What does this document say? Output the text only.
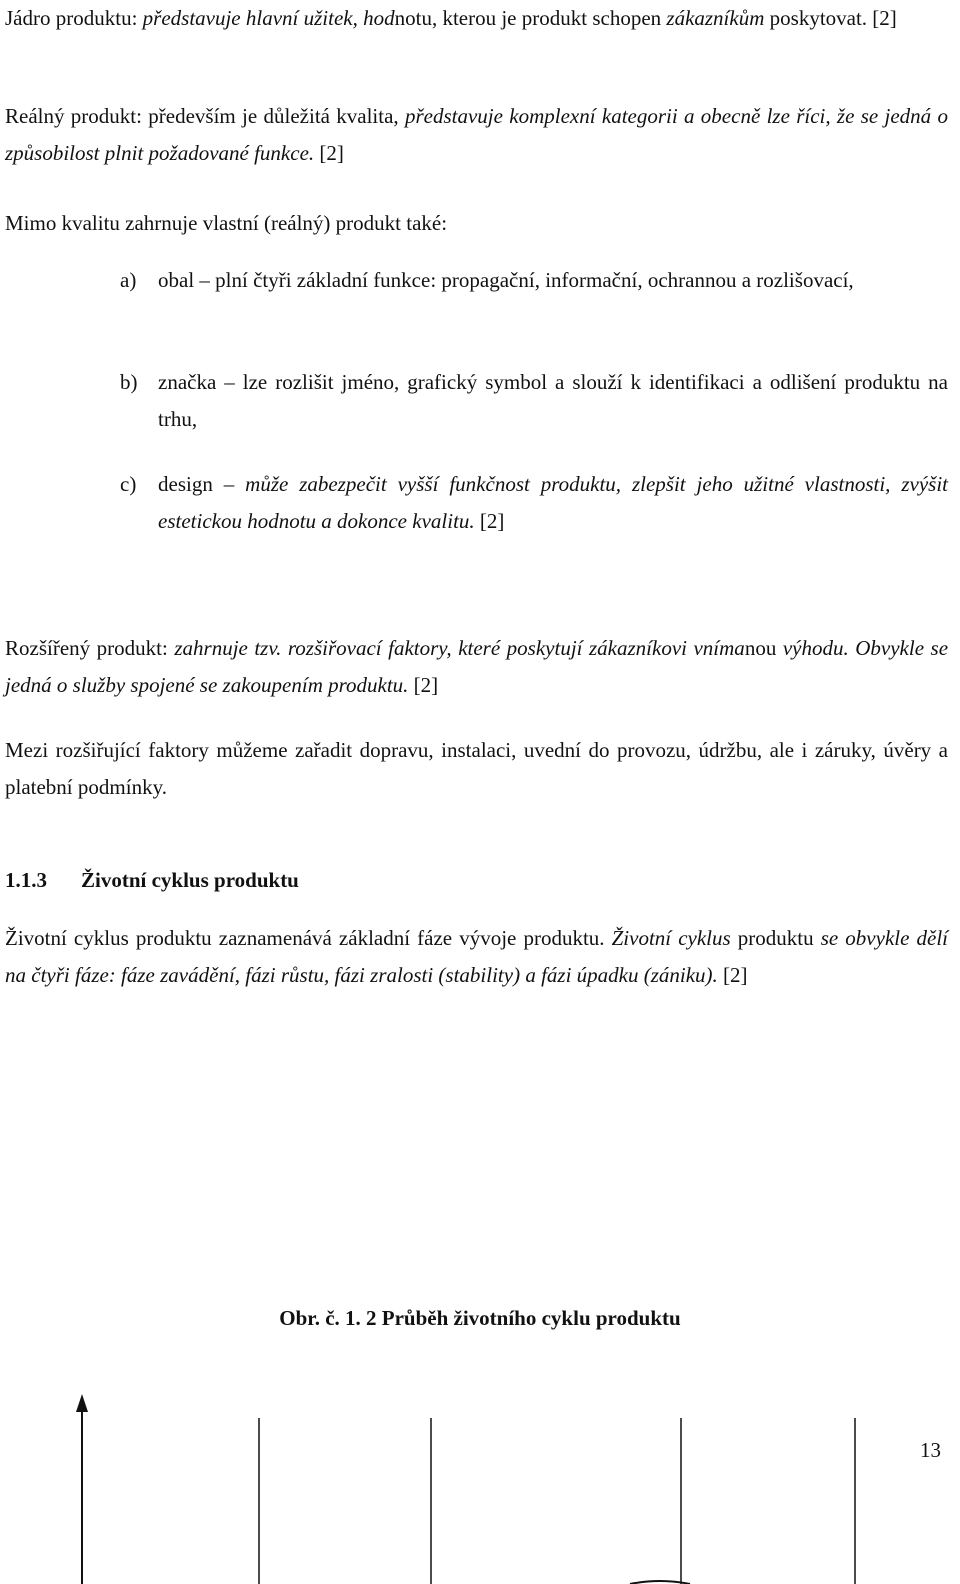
Jádro produktu: představuje hlavní užitek, hodnotu, kterou je produkt schopen zákazníkům poskytovat. [2]

Reálný produkt: především je důležitá kvalita, představuje komplexní kategorii a obecně lze říci, že se jedná o způsobilost plnit požadované funkce. [2]

Mimo kvalitu zahrnuje vlastní (reálný) produkt také:

a) obal – plní čtyři základní funkce: propagační, informační, ochrannou a rozlišovací,
b) značka – lze rozlišit jméno, grafický symbol a slouží k identifikaci a odlišení produktu na trhu,
c) design – může zabezpečit vyšší funkčnost produktu, zlepšit jeho užitné vlastnosti, zvýšit estetickou hodnotu a dokonce kvalitu. [2]

Rozšířený produkt: zahrnuje tzv. rozšiřovací faktory, které poskytují zákazníkovi vnímanou výhodu. Obvykle se jedná o služby spojené se zakoupením produktu. [2]

Mezi rozšiřující faktory můžeme zařadit dopravu, instalaci, uvední do provozu, údržbu, ale i záruky, úvěry a platební podmínky.

1.1.3 Životní cyklus produktu

Životní cyklus produktu zaznamenává základní fáze vývoje produktu. Životní cyklus produktu se obvykle dělí na čtyři fáze: fáze zavádění, fázi růstu, fázi zralosti (stability) a fázi úpadku (zániku). [2]

Obr. č. 1. 2 Průběh životního cyklu produktu

13
